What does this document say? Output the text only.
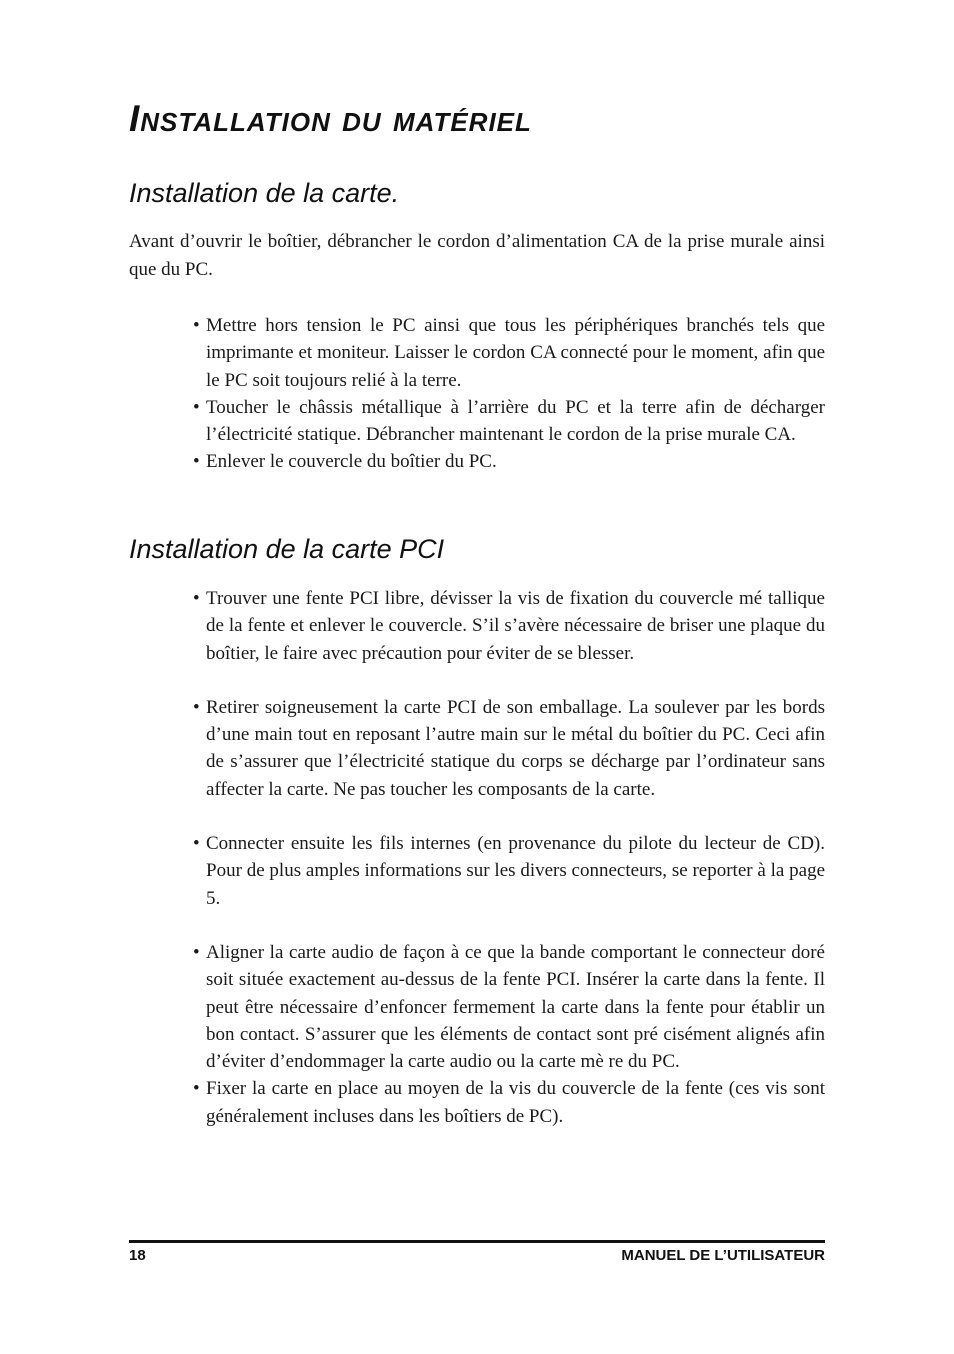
Installation du matériel
Installation de la carte.

Avant d’ouvrir le boîtier, débrancher le cordon d’alimentation CA de la prise murale ainsi que du PC.

• Mettre hors tension le PC ainsi que tous les périphériques branchés tels que imprimante et moniteur. Laisser le cordon CA connecté pour le moment, afin que le PC soit toujours relié à la terre.
• Toucher le châssis métallique à l’arrière du PC et la terre afin de décharger l’électricité statique. Débrancher maintenant le cordon de la prise murale CA.
• Enlever le couvercle du boîtier du PC.
Installation de la carte PCI
• Trouver une fente PCI libre, dévisser la vis de fixation du couvercle mé tallique de la fente et enlever le couvercle. S’il s’avère nécessaire de briser une plaque du boîtier, le faire avec précaution pour éviter de se blesser.
• Retirer soigneusement la carte PCI de son emballage. La soulever par les bords d’une main tout en reposant l’autre main sur le métal du boîtier du PC. Ceci afin de s’assurer que l’électricité statique du corps se décharge par l’ordinateur sans affecter la carte. Ne pas toucher les composants de la carte.
• Connecter ensuite les fils internes (en provenance du pilote du lecteur de CD). Pour de plus amples informations sur les divers connecteurs, se reporter à la page 5.
• Aligner la carte audio de façon à ce que la bande comportant le connecteur doré soit située exactement au-dessus de la fente PCI. Insérer la carte dans la fente. Il peut être nécessaire d’enfoncer fermement la carte dans la fente pour établir un bon contact. S’assurer que les éléments de contact sont pré cisément alignés afin d’éviter d’endommager la carte audio ou la carte mè re du PC.
• Fixer la carte en place au moyen de la vis du couvercle de la fente (ces vis sont généralement incluses dans les boîtiers de PC).
18	MANUEL DE L’UTILISATEUR
